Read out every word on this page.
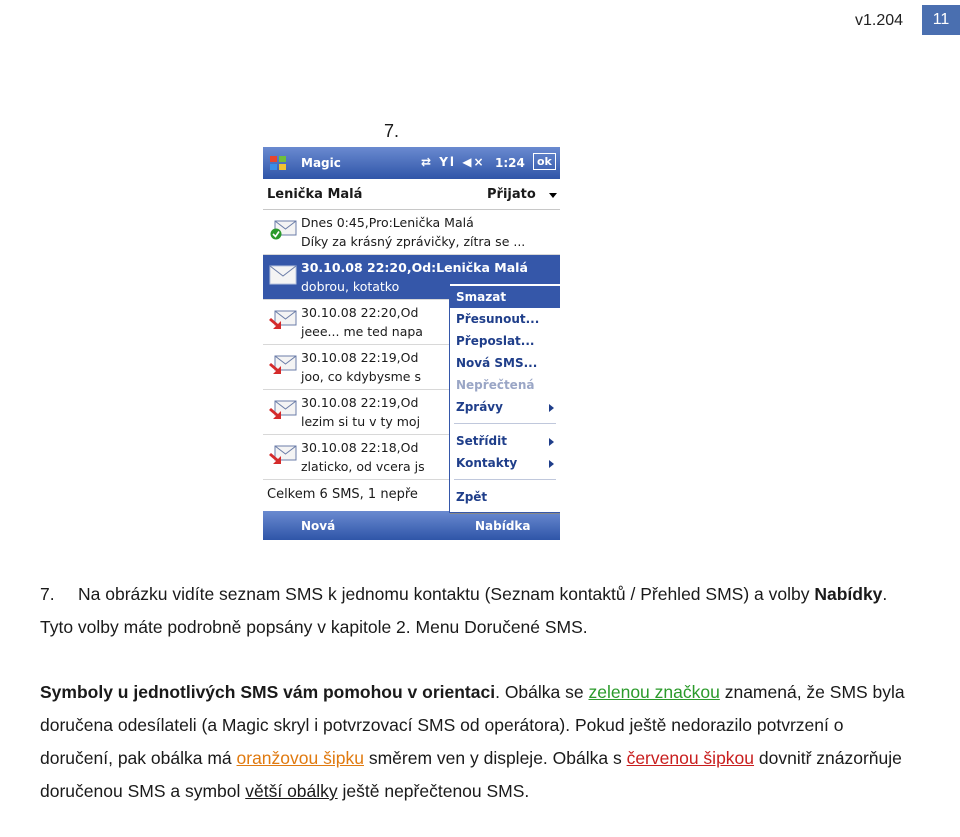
v1.204	11
7.
Magic	⇄ Yl ◀× 1:24	ok
Lenička Malá	Přijato
Dnes 0:45,Pro:Lenička Malá
Díky za krásný zprávičky, zítra se ...
30.10.08 22:20,Od:Lenička Malá
dobrou, kotatko
30.10.08 22:20,Od
jeee... me ted napa
30.10.08 22:19,Od
joo, co kdybysme s
30.10.08 22:19,Od
lezim si tu v ty moj
30.10.08 22:18,Od
zlaticko, od vcera js
Celkem 6 SMS, 1 nepře
Nová	Nabídka
Smazat
Přesunout...
Přeposlat...
Nová SMS...
Nepřečtená
Zprávy
Setřídit
Kontakty
Zpět
7. Na obrázku vidíte seznam SMS k jednomu kontaktu (Seznam kontaktů / Přehled SMS) a volby Nabídky. Tyto volby máte podrobně popsány v kapitole 2. Menu Doručené SMS.
Symboly u jednotlivých SMS vám pomohou v orientaci. Obálka se zelenou značkou znamená, že SMS byla doručena odesílateli (a Magic skryl i potvrzovací SMS od operátora). Pokud ještě nedorazilo potvrzení o doručení, pak obálka má oranžovou šipku směrem ven y displeje. Obálka s červenou šipkou dovnitř znázorňuje doručenou SMS a symbol větší obálky ještě nepřečtenou SMS.
